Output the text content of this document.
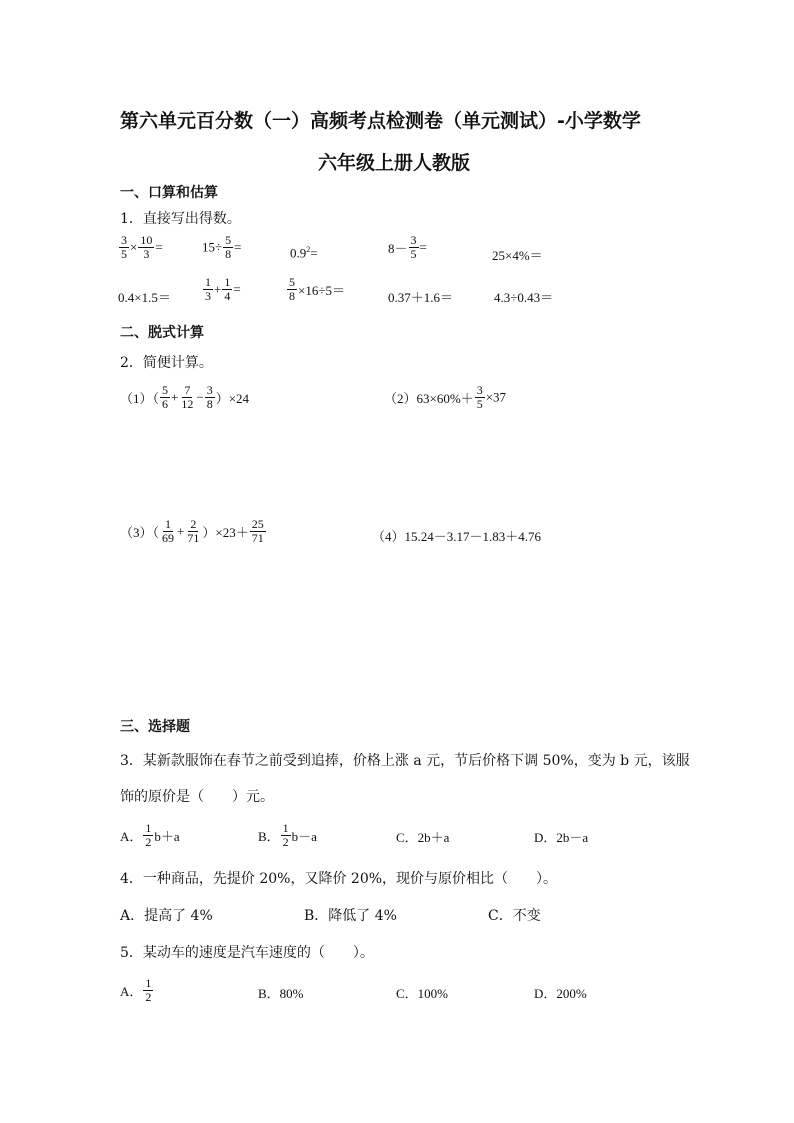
第六单元百分数（一）高频考点检测卷（单元测试）-小学数学
六年级上册人教版
一、口算和估算
1．直接写出得数。
$\frac{3}{5} \times \frac{10}{3}$ =	$15\div \frac{5}{8}$ =	$0.9^2=$	$8- \frac{3}{5}$ =
25×4%＝
0.4×1.5＝	$\frac{1}{3} + \frac{1}{4}$ =	$\frac{5}{8} \times 16\div 5=$	0.37＋1.6＝	4.3÷0.43＝
二、脱式计算
2．简便计算。
$(1)( \frac{5}{6} + \frac{7}{12} - \frac{3}{8} )\times 24$	$(2)63\times 60\%+ \frac{3}{5} \times 37$
$(3)( \frac{1}{69} + \frac{2}{71} )\times 23+ \frac{25}{71}$	（4）15.24－3.17－1.83＋4.76
三、选择题
3．某新款服饰在春节之前受到追捧，价格上涨 a 元，节后价格下调 50%，变为 b 元，该服
饰的原价是（　　）元。
A． $\frac{1}{2} b+a$	B． $\frac{1}{2} b-a$	C．2b＋a	D．2b－a
4．一种商品，先提价 20%，又降价 20%，现价与原价相比（　　）。
A．提高了 4%	B．降低了 4%	C．不变
5．某动车的速度是汽车速度的（　　）。
A． $\frac{1}{2}$	B．80%	C．100%	D．200%
